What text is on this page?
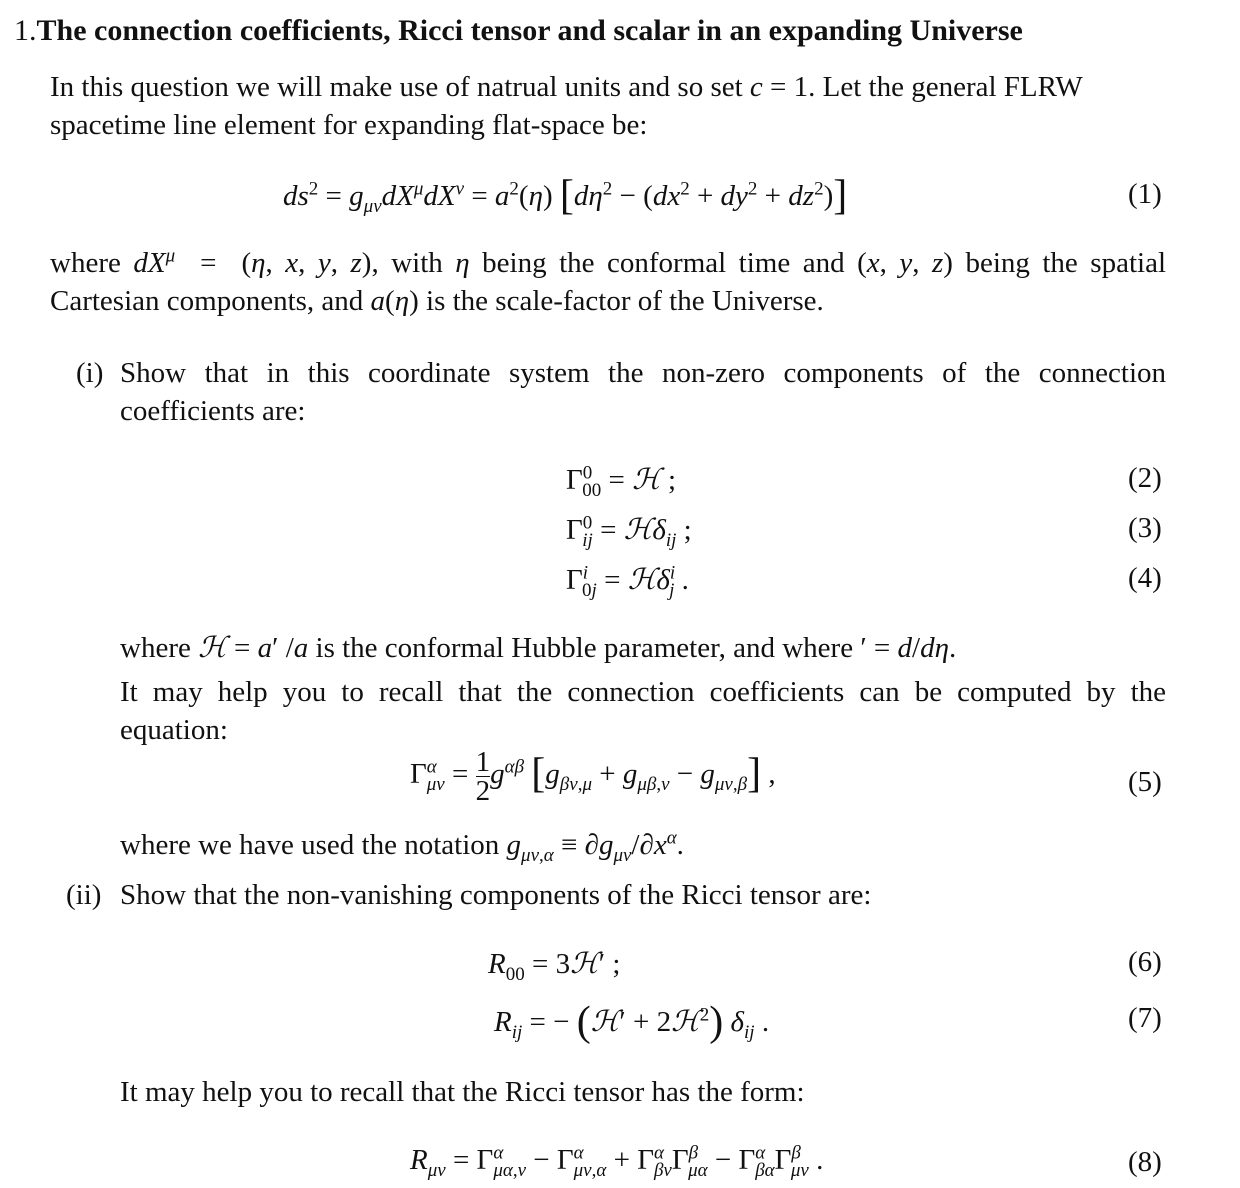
1.The connection coefficients, Ricci tensor and scalar in an expanding Universe
In this question we will make use of natrual units and so set c = 1. Let the general FLRW
spacetime line element for expanding flat-space be:
$ds^2 = g_{\mu\nu}dX^\mu dX^\nu = a^2(\eta) [d\eta^2 - (dx^2 + dy^2 + dz^2)]$	(1)
where $dX^\mu = (\eta$, x, y, z), with η being the conformal time and (x, y, z) being the spatial
Cartesian components, and a(η) is the scale-factor of the Universe.
(i) Show that in this coordinate system the non-zero components of the connection
coefficients are:
$\Gamma^0_{00}$ = ℋ ;	(2)
$\Gamma^0_{ij}$ = ℋδ$_{ij}$ ;	(3)
$\Gamma^i_{0j}$ = ℋδ$^i_j$ .	(4)
where ℋ = a′ /a is the conformal Hubble parameter, and where ′ = d/dη.
It may help you to recall that the connection coefficients can be computed by the
equation:
$\Gamma^\alpha_{\mu\nu} = \frac{1}{2} g^{\alpha\beta}$ $[g_{\beta\nu,\mu} + g_{\mu\beta,\nu} - g_{\mu\nu,\beta}]$ ,	(5)
where we have used the notation $g_{\mu\nu,\alpha} \equiv \partial g_{\mu\nu}/\partial x^\alpha$.
(ii) Show that the non-vanishing components of the Ricci tensor are:
$R_{00}$ = 3ℋ′ ;	(6)
$R_{ij}$ = − (ℋ′ + 2ℋ$^2$) $\delta_{ij}$ .	(7)
It may help you to recall that the Ricci tensor has the form:
$R_{\mu\nu} = \Gamma^\alpha_{\mu\alpha,\nu} - \Gamma^\alpha_{\mu\nu,\alpha} + \Gamma^\alpha_{\beta\nu}\Gamma^\beta_{\mu\alpha} - \Gamma^\alpha_{\beta\alpha}\Gamma^\beta_{\mu\nu}$ .	(8)
